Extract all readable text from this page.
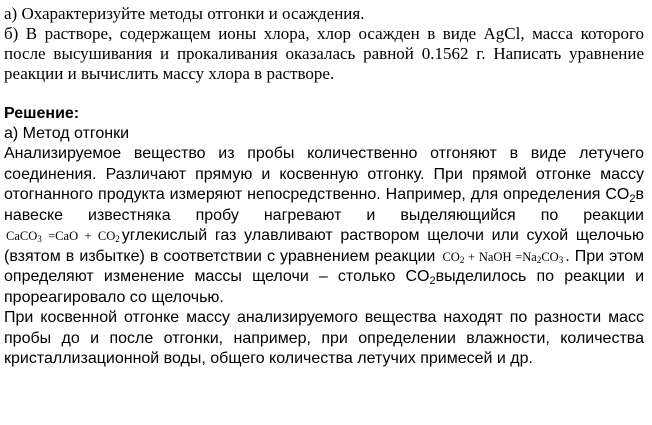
а) Охарактеризуйте методы отгонки и осаждения.

б) В растворе, содержащем ионы хлора, хлор осажден в виде AgCl, масса которого после высушивания и прокаливания оказалась равной 0.1562 г. Написать уравнение реакции и вычислить массу хлора в растворе.

Решение:

а) Метод отгонки

Анализируемое вещество из пробы количественно отгоняют в виде летучего соединения. Различают прямую и косвенную отгонку. При прямой отгонке массу отогнанного продукта измеряют непосредственно. Например, для определения $CO_2в$ навеске известняка пробу нагревают и выделяющийся по реакции CaCO$_3$ $=CaO + CO_2$ углекислый газ улавливают раствором щелочи или сухой щелочью (взятом в избытке) в соответствии с уравнением реакции $CO_2$ + NaOH $=Na_2CO_3$ . При этом определяют изменение массы щелочи – столько $CO_2выделилось$ по реакции и прореагировало со щелочью.

При косвенной отгонке массу анализируемого вещества находят по разности масс пробы до и после отгонки, например, при определении влажности, количества кристаллизационной воды, общего количества летучих примесей и др.
